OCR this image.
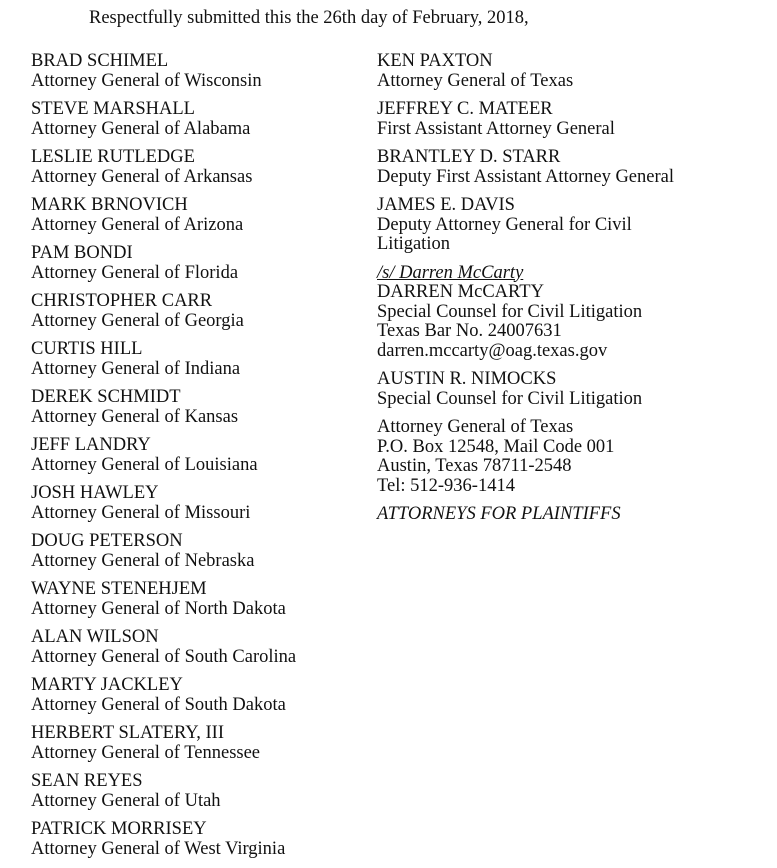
Respectfully submitted this the 26th day of February, 2018,
BRAD SCHIMEL
Attorney General of Wisconsin
STEVE MARSHALL
Attorney General of Alabama
LESLIE RUTLEDGE
Attorney General of Arkansas
MARK BRNOVICH
Attorney General of Arizona
PAM BONDI
Attorney General of Florida
CHRISTOPHER CARR
Attorney General of Georgia
CURTIS HILL
Attorney General of Indiana
DEREK SCHMIDT
Attorney General of Kansas
JEFF LANDRY
Attorney General of Louisiana
JOSH HAWLEY
Attorney General of Missouri
DOUG PETERSON
Attorney General of Nebraska
WAYNE STENEHJEM
Attorney General of North Dakota
ALAN WILSON
Attorney General of South Carolina
MARTY JACKLEY
Attorney General of South Dakota
HERBERT SLATERY, III
Attorney General of Tennessee
SEAN REYES
Attorney General of Utah
PATRICK MORRISEY
Attorney General of West Virginia
KEN PAXTON
Attorney General of Texas
JEFFREY C. MATEER
First Assistant Attorney General
BRANTLEY D. STARR
Deputy First Assistant Attorney General
JAMES E. DAVIS
Deputy Attorney General for Civil
Litigation
/s/ Darren McCarty
DARREN McCARTY
Special Counsel for Civil Litigation
Texas Bar No. 24007631
darren.mccarty@oag.texas.gov
AUSTIN R. NIMOCKS
Special Counsel for Civil Litigation
Attorney General of Texas
P.O. Box 12548, Mail Code 001
Austin, Texas 78711-2548
Tel: 512-936-1414
ATTORNEYS FOR PLAINTIFFS
